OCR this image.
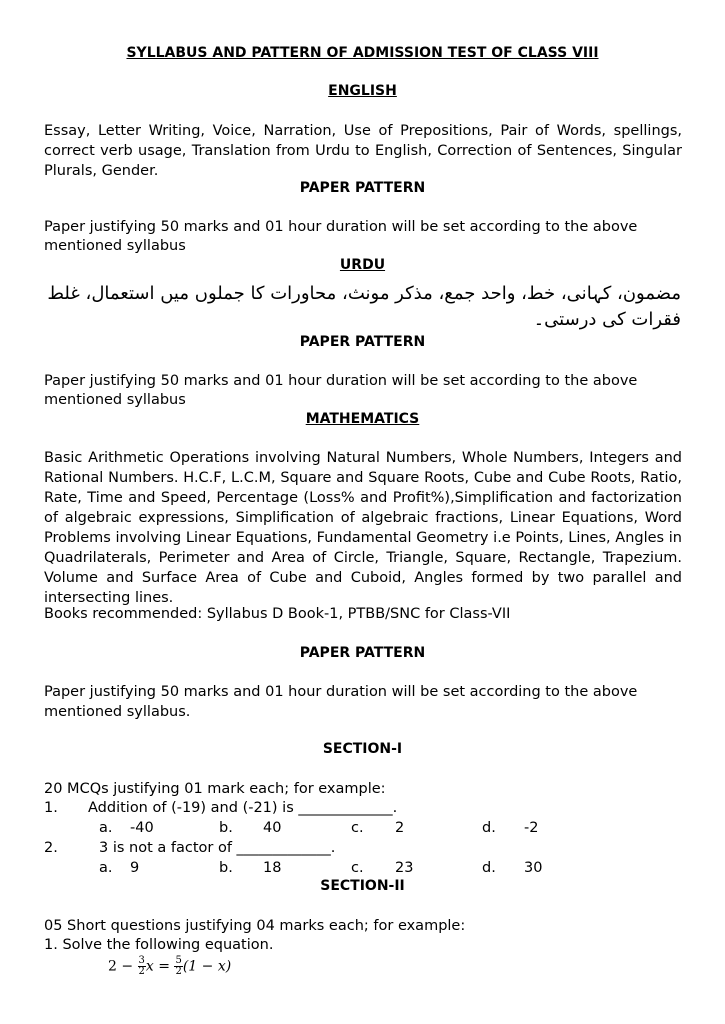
SYLLABUS AND PATTERN OF ADMISSION TEST OF CLASS VIII
ENGLISH
Essay, Letter Writing, Voice, Narration, Use of Prepositions, Pair of Words, spellings, correct verb usage, Translation from Urdu to English, Correction of Sentences, Singular Plurals, Gender.
PAPER PATTERN
Paper justifying 50 marks and 01 hour duration will be set according to the above
mentioned syllabus
URDU
مضمون، کہانی، خط، واحد جمع، مذکر مونث، محاورات کا جملوں میں استعمال، غلط فقرات کی درستی۔
PAPER PATTERN
Paper justifying 50 marks and 01 hour duration will be set according to the above
mentioned syllabus
MATHEMATICS
Basic Arithmetic Operations involving Natural Numbers, Whole Numbers, Integers and Rational Numbers. H.C.F, L.C.M, Square and Square Roots, Cube and Cube Roots, Ratio, Rate, Time and Speed, Percentage (Loss% and Profit%),Simplification and factorization of algebraic expressions, Simplification of algebraic fractions, Linear Equations, Word Problems involving Linear Equations, Fundamental Geometry i.e Points, Lines, Angles in Quadrilaterals, Perimeter and Area of Circle, Triangle, Square, Rectangle, Trapezium. Volume and Surface Area of Cube and Cuboid, Angles formed by two parallel and intersecting lines.
Books recommended: Syllabus D Book-1, PTBB/SNC for Class-VII
PAPER PATTERN
Paper justifying 50 marks and 01 hour duration will be set according to the above
mentioned syllabus.
SECTION-I
20 MCQs justifying 01 mark each; for example:
1. Addition of (-19) and (-21) is _____________.
a. -40	b. 40	c. 2	d. -2
2.	3 is not a factor of _____________.
a. 9	b. 18	c. 23	d. 30
SECTION-II
05 Short questions justifying 04 marks each; for example:
1. Solve the following equation.
$2 - \frac{3}{2}$ $x = \frac{5}{2} (1 - x)$
